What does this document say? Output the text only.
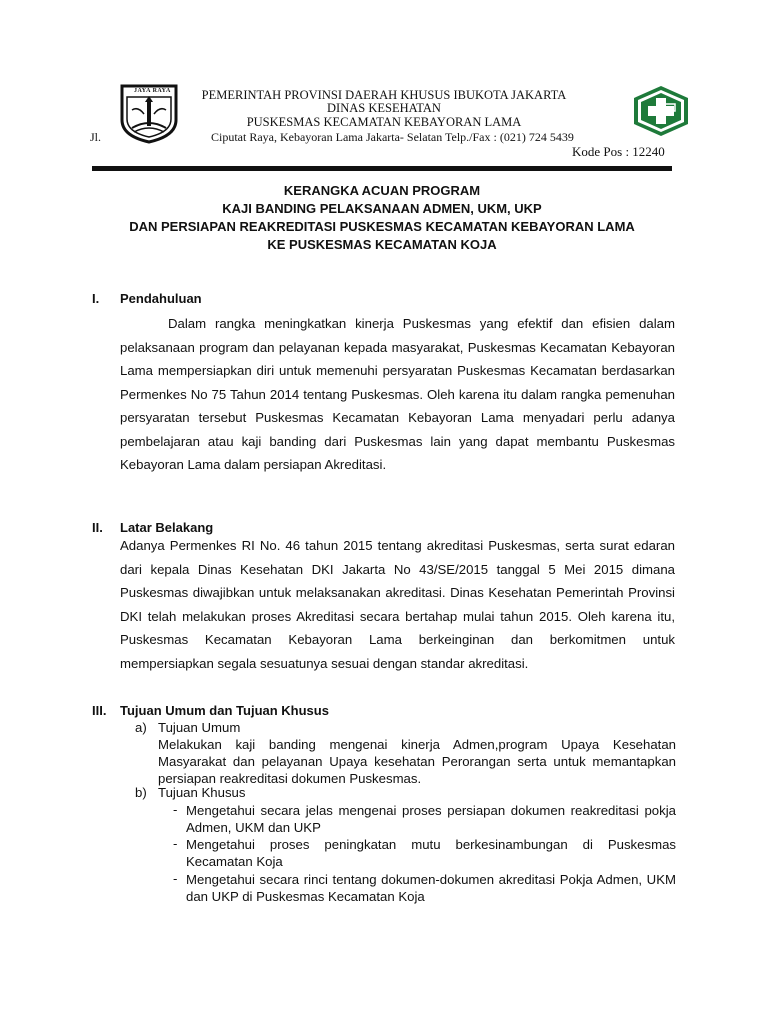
JAYA RAYA	PEMERINTAH PROVINSI DAERAH KHUSUS IBUKOTA JAKARTA
DINAS KESEHATAN
PUSKESMAS KECAMATAN KEBAYORAN LAMA
Jl.	Ciputat Raya, Kebayoran Lama Jakarta- Selatan Telp./Fax : (021) 724 5439
Kode Pos : 12240
KERANGKA ACUAN PROGRAM
KAJI BANDING PELAKSANAAN ADMEN, UKM, UKP
DAN PERSIAPAN REAKREDITASI PUSKESMAS KECAMATAN KEBAYORAN LAMA
KE PUSKESMAS KECAMATAN KOJA
I. Pendahuluan

Dalam rangka meningkatkan kinerja Puskesmas yang efektif dan efisien dalam pelaksanaan program dan pelayanan kepada masyarakat, Puskesmas Kecamatan Kebayoran Lama mempersiapkan diri untuk memenuhi persyaratan Puskesmas Kecamatan berdasarkan Permenkes No 75 Tahun 2014 tentang Puskesmas. Oleh karena itu dalam rangka pemenuhan persyaratan tersebut Puskesmas Kecamatan Kebayoran Lama menyadari perlu adanya pembelajaran atau kaji banding dari Puskesmas lain yang dapat membantu Puskesmas Kebayoran Lama dalam persiapan Akreditasi.

II. Latar Belakang

Adanya Permenkes RI No. 46 tahun 2015 tentang akreditasi Puskesmas, serta surat edaran dari kepala Dinas Kesehatan DKI Jakarta No 43/SE/2015 tanggal 5 Mei 2015 dimana Puskesmas diwajibkan untuk melaksanakan akreditasi. Dinas Kesehatan Pemerintah Provinsi DKI telah melakukan proses Akreditasi secara bertahap mulai tahun 2015. Oleh karena itu, Puskesmas Kecamatan Kebayoran Lama berkeinginan dan berkomitmen untuk mempersiapkan segala sesuatunya sesuai dengan standar akreditasi.

III. Tujuan Umum dan Tujuan Khusus
a) Tujuan Umum

Melakukan kaji banding mengenai kinerja Admen,program Upaya Kesehatan Masyarakat dan pelayanan Upaya kesehatan Perorangan serta untuk memantapkan persiapan reakreditasi dokumen Puskesmas.

b) Tujuan Khusus
- Mengetahui secara jelas mengenai proses persiapan dokumen reakreditasi pokja Admen, UKM dan UKP

- Mengetahui proses peningkatan mutu berkesinambungan di Puskesmas Kecamatan Koja

- Mengetahui secara rinci tentang dokumen-dokumen akreditasi Pokja Admen, UKM dan UKP di Puskesmas Kecamatan Koja
